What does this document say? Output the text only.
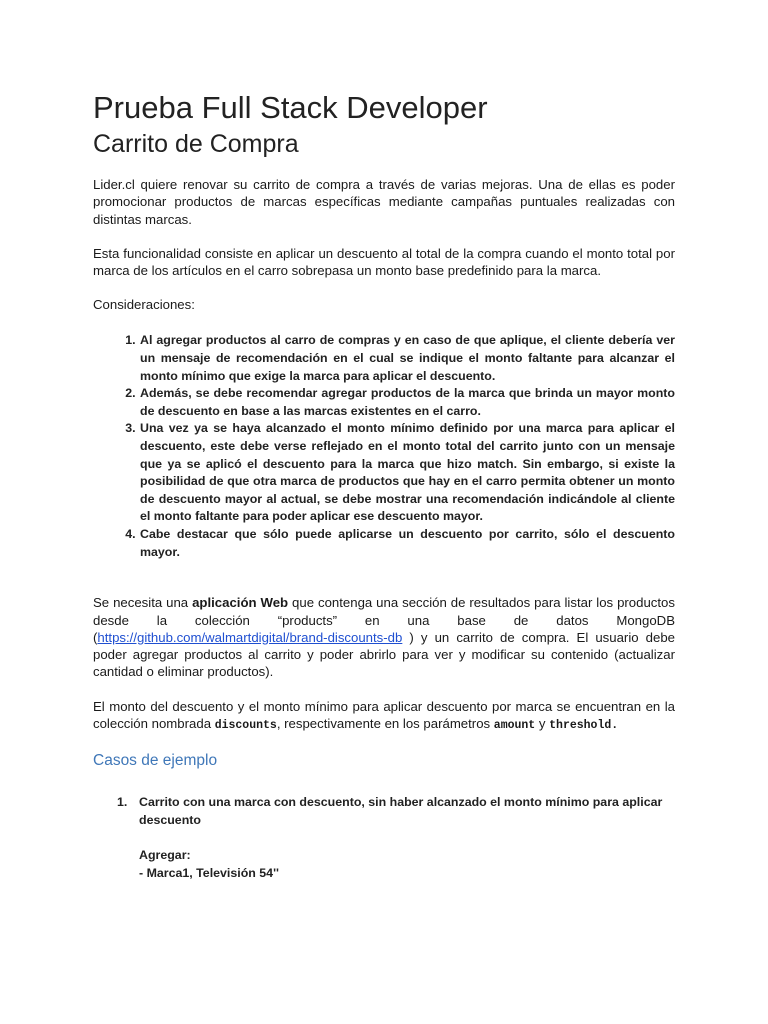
Prueba Full Stack Developer
Carrito de Compra

Lider.cl quiere renovar su carrito de compra a través de varias mejoras. Una de ellas es poder promocionar productos de marcas específicas mediante campañas puntuales realizadas con distintas marcas.

Esta funcionalidad consiste en aplicar un descuento al total de la compra cuando el monto total por marca de los artículos en el carro sobrepasa un monto base predefinido para la marca.

Consideraciones:

1. Al agregar productos al carro de compras y en caso de que aplique, el cliente debería ver un mensaje de recomendación en el cual se indique el monto faltante para alcanzar el monto mínimo que exige la marca para aplicar el descuento.
2. Además, se debe recomendar agregar productos de la marca que brinda un mayor monto de descuento en base a las marcas existentes en el carro.
3. Una vez ya se haya alcanzado el monto mínimo definido por una marca para aplicar el descuento, este debe verse reflejado en el monto total del carrito junto con un mensaje que ya se aplicó el descuento para la marca que hizo match. Sin embargo, si existe la posibilidad de que otra marca de productos que hay en el carro permita obtener un monto de descuento mayor al actual, se debe mostrar una recomendación indicándole al cliente el monto faltante para poder aplicar ese descuento mayor.
4. Cabe destacar que sólo puede aplicarse un descuento por carrito, sólo el descuento mayor.

Se necesita una aplicación Web que contenga una sección de resultados para listar los productos desde la colección “products” en una base de datos MongoDB (https://github.com/walmartdigital/brand-discounts-db ) y un carrito de compra. El usuario debe poder agregar productos al carrito y poder abrirlo para ver y modificar su contenido (actualizar cantidad o eliminar productos).

El monto del descuento y el monto mínimo para aplicar descuento por marca se encuentran en la colección nombrada discounts, respectivamente en los parámetros amount y threshold.

Casos de ejemplo
1. Carrito con una marca con descuento, sin haber alcanzado el monto mínimo para aplicar descuento
Agregar:
- Marca1, Televisión 54''
